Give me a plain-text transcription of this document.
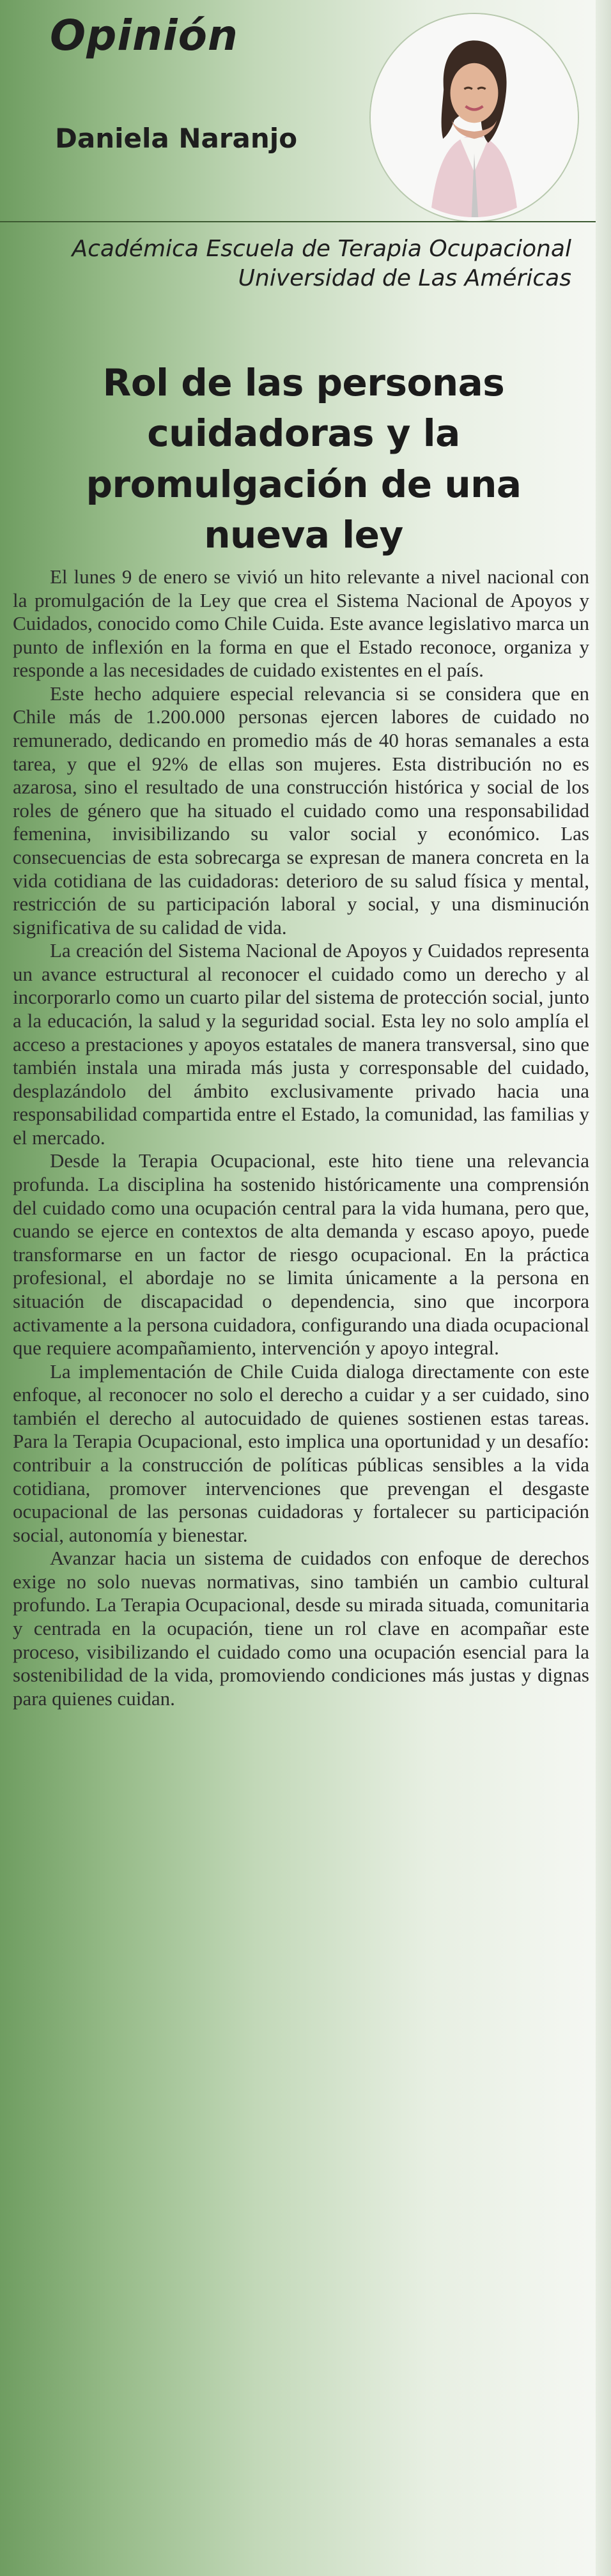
Opinión
Daniela Naranjo
Académica Escuela de Terapia Ocupacional
Universidad de Las Américas
Rol de las personas cuidadoras y la promulgación de una nueva ley

El lunes 9 de enero se vivió un hito relevante a nivel nacional con la promulgación de la Ley que crea el Sistema Nacional de Apoyos y Cuidados, conocido como Chile Cuida. Este avance legislativo marca un punto de inflexión en la forma en que el Estado reconoce, organiza y responde a las necesidades de cuidado existentes en el país.

Este hecho adquiere especial relevancia si se considera que en Chile más de 1.200.000 personas ejercen labores de cuidado no remunerado, dedicando en promedio más de 40 horas semanales a esta tarea, y que el 92% de ellas son mujeres. Esta distribución no es azarosa, sino el resultado de una construcción histórica y social de los roles de género que ha situado el cuidado como una responsabilidad femenina, invisibilizando su valor social y económico. Las consecuencias de esta sobrecarga se expresan de manera concreta en la vida cotidiana de las cuidadoras: deterioro de su salud física y mental, restricción de su participación laboral y social, y una disminución significativa de su calidad de vida.

La creación del Sistema Nacional de Apoyos y Cuidados representa un avance estructural al reconocer el cuidado como un derecho y al incorporarlo como un cuarto pilar del sistema de protección social, junto a la educación, la salud y la seguridad social. Esta ley no solo amplía el acceso a prestaciones y apoyos estatales de manera transversal, sino que también instala una mirada más justa y corresponsable del cuidado, desplazándolo del ámbito exclusivamente privado hacia una responsabilidad compartida entre el Estado, la comunidad, las familias y el mercado.

Desde la Terapia Ocupacional, este hito tiene una relevancia profunda. La disciplina ha sostenido históricamente una comprensión del cuidado como una ocupación central para la vida humana, pero que, cuando se ejerce en contextos de alta demanda y escaso apoyo, puede transformarse en un factor de riesgo ocupacional. En la práctica profesional, el abordaje no se limita únicamente a la persona en situación de discapacidad o dependencia, sino que incorpora activamente a la persona cuidadora, configurando una diada ocupacional que requiere acompañamiento, intervención y apoyo integral.

La implementación de Chile Cuida dialoga directamente con este enfoque, al reconocer no solo el derecho a cuidar y a ser cuidado, sino también el derecho al autocuidado de quienes sostienen estas tareas. Para la Terapia Ocupacional, esto implica una oportunidad y un desafío: contribuir a la construcción de políticas públicas sensibles a la vida cotidiana, promover intervenciones que prevengan el desgaste ocupacional de las personas cuidadoras y fortalecer su participación social, autonomía y bienestar.

Avanzar hacia un sistema de cuidados con enfoque de derechos exige no solo nuevas normativas, sino también un cambio cultural profundo. La Terapia Ocupacional, desde su mirada situada, comunitaria y centrada en la ocupación, tiene un rol clave en acompañar este proceso, visibilizando el cuidado como una ocupación esencial para la sostenibilidad de la vida, promoviendo condiciones más justas y dignas para quienes cuidan.
